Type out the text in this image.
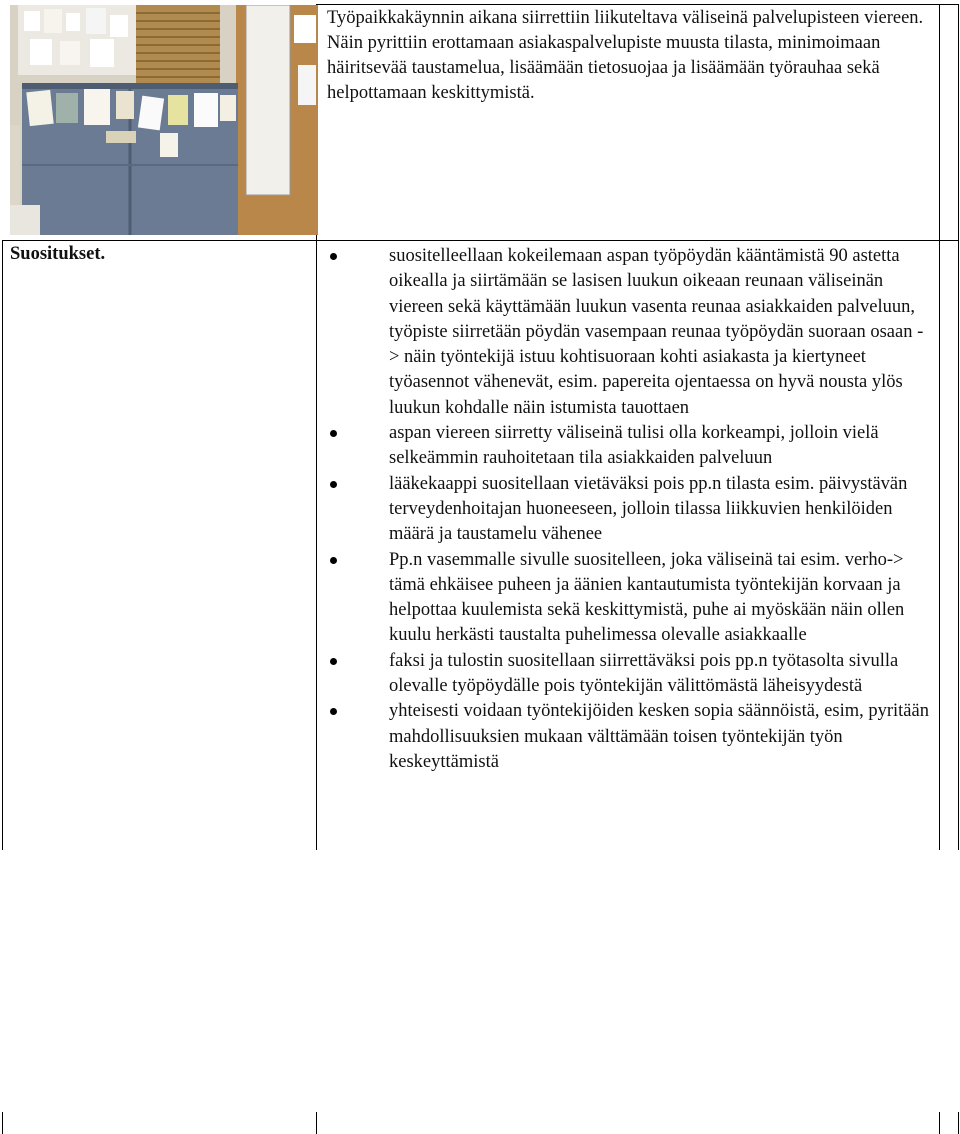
Työpaikkakäynnin aikana siirrettiin liikuteltava väliseinä palvelupisteen viereen. Näin pyrittiin erottamaan asiakaspalvelupiste muusta tilasta, minimoimaan häiritsevää taustamelua, lisäämään tietosuojaa ja lisäämään työrauhaa sekä helpottamaan keskittymistä.

Suositukset.	suositelleellaan kokeilemaan aspan työpöydän kääntämistä 90 astetta oikealla ja siirtämään se lasisen luukun oikeaan reunaan väliseinän viereen sekä käyttämään luukun vasenta reunaa asiakkaiden palveluun, työpiste siirretään pöydän vasempaan reunaa työpöydän suoraan osaan -> näin työntekijä istuu kohtisuoraan kohti asiakasta ja kiertyneet työasennot vähenevät, esim. papereita ojentaessa on hyvä nousta ylös luukun kohdalle näin istumista tauottaen
aspan viereen siirretty väliseinä tulisi olla korkeampi, jolloin vielä selkeämmin rauhoitetaan tila asiakkaiden palveluun
lääkekaappi suositellaan vietäväksi pois pp.n tilasta esim. päivystävän terveydenhoitajan huoneeseen, jolloin tilassa liikkuvien henkilöiden määrä ja taustamelu vähenee
Pp.n vasemmalle sivulle suositelleen, joka väliseinä tai esim. verho-> tämä ehkäisee puheen ja äänien kantautumista työntekijän korvaan ja helpottaa kuulemista sekä keskittymistä, puhe ai myöskään näin ollen kuulu herkästi taustalta puhelimessa olevalle asiakkaalle
faksi ja tulostin suositellaan siirrettäväksi pois pp.n työtasolta sivulla olevalle työpöydälle pois työntekijän välittömästä läheisyydestä
yhteisesti voidaan työntekijöiden kesken sopia säännöistä, esim, pyritään mahdollisuuksien mukaan välttämään toisen työntekijän työn keskeyttämistä
